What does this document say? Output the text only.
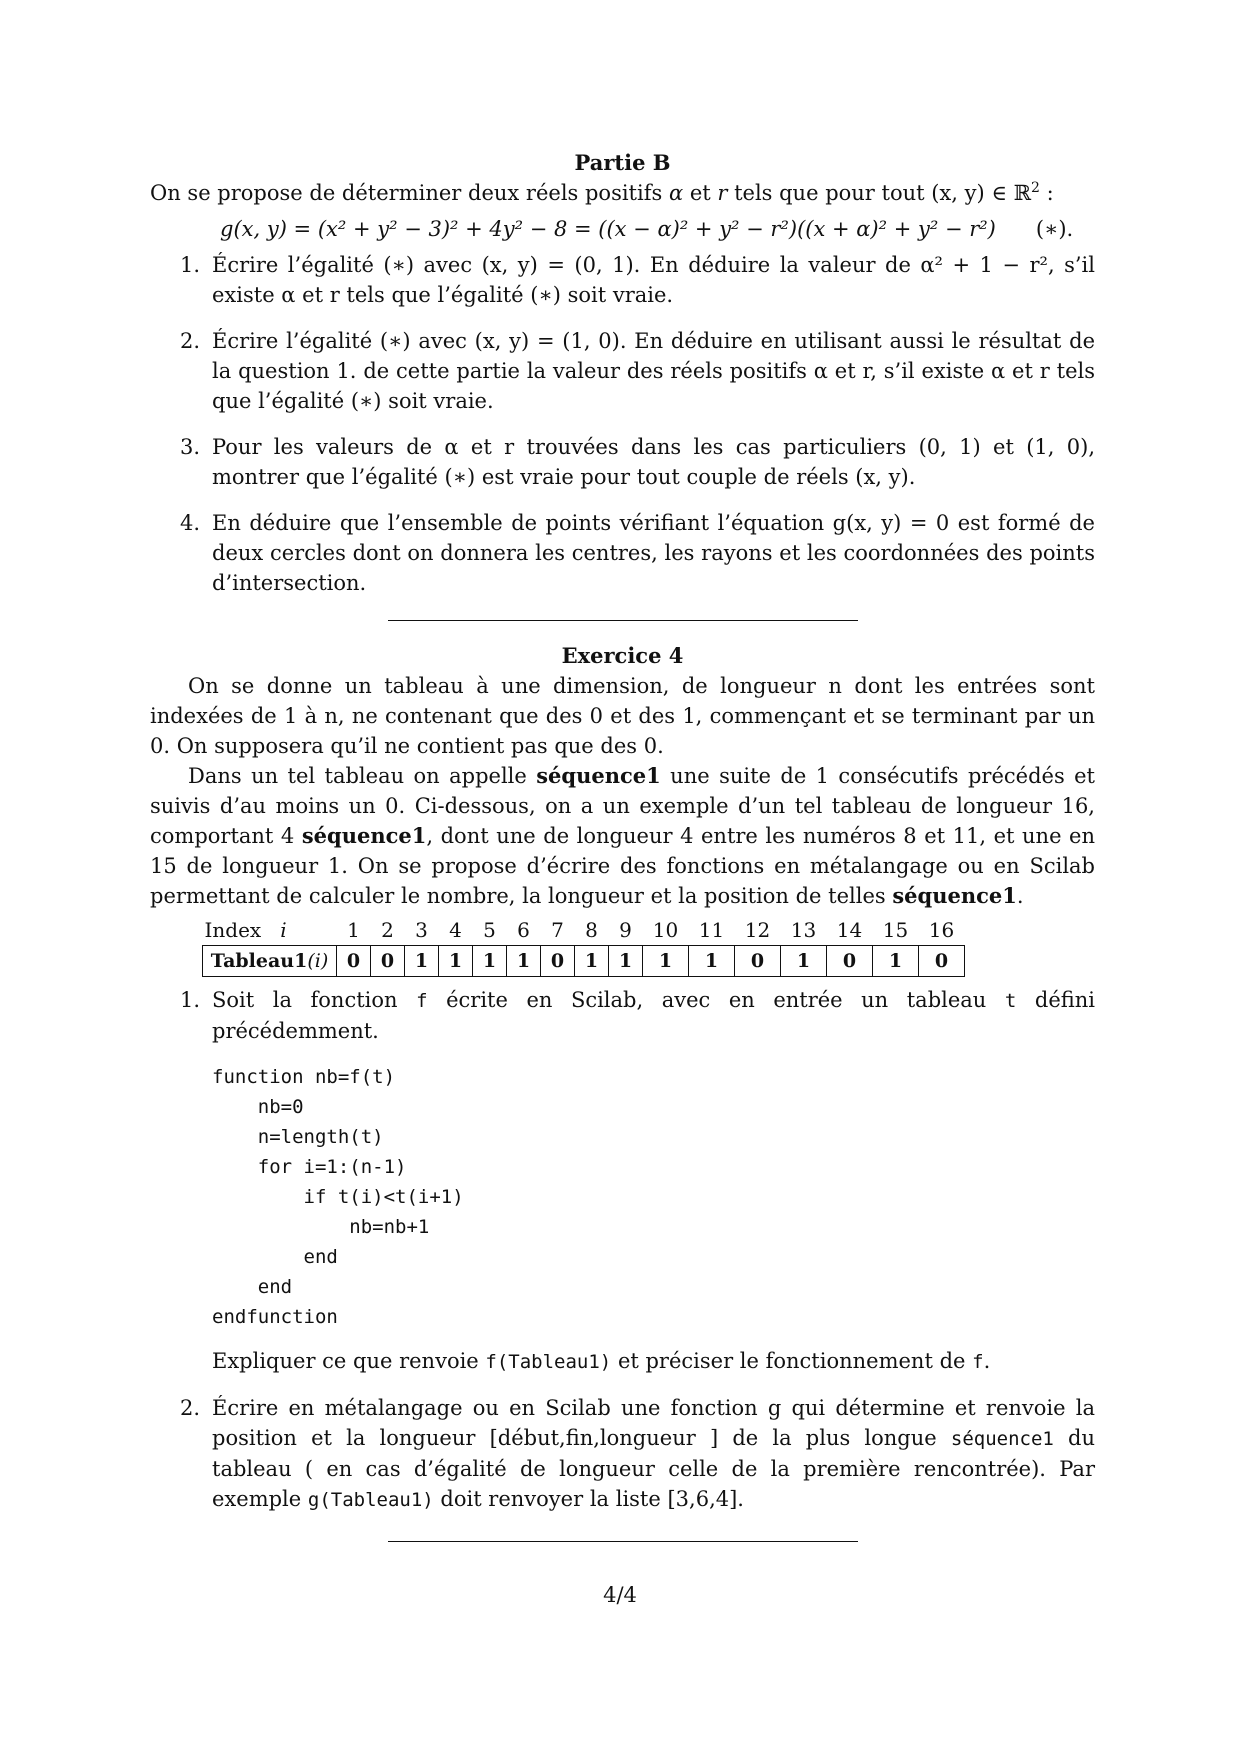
Partie B

On se propose de déterminer deux réels positifs α et r tels que pour tout (x, y) ∈ ℝ$^2$ :

g(x, y) = (x² + y² − 3)² + 4y² − 8 = ((x − α)² + y² − r²)((x + α)² + y² − r²) (∗).
1. Écrire l’égalité (∗) avec (x, y) = (0, 1). En déduire la valeur de α² + 1 − r², s’il existe α et r tels que l’égalité (∗) soit vraie.
2. Écrire l’égalité (∗) avec (x, y) = (1, 0). En déduire en utilisant aussi le résultat de la question 1. de cette partie la valeur des réels positifs α et r, s’il existe α et r tels que l’égalité (∗) soit vraie.
3. Pour les valeurs de α et r trouvées dans les cas particuliers (0, 1) et (1, 0), montrer que l’égalité (∗) est vraie pour tout couple de réels (x, y).
4. En déduire que l’ensemble de points vérifiant l’équation g(x, y) = 0 est formé de deux cercles dont on donnera les centres, les rayons et les coordonnées des points d’intersection.

Exercice 4

On se donne un tableau à une dimension, de longueur n dont les entrées sont indexées de 1 à n, ne contenant que des 0 et des 1, commençant et se terminant par un 0. On supposera qu’il ne contient pas que des 0.

Dans un tel tableau on appelle séquence1 une suite de 1 consécutifs précédés et suivis d’au moins un 0. Ci-dessous, on a un exemple d’un tel tableau de longueur 16, comportant 4 séquence1, dont une de longueur 4 entre les numéros 8 et 11, et une en 15 de longueur 1. On se propose d’écrire des fonctions en métalangage ou en Scilab permettant de calculer le nombre, la longueur et la position de telles séquence1.

Index i	1	2	3	4	5	6	7	8	9	10	11	12	13	14	15	16
Tableau1(i)	0	0	1	1	1	1	0	1	1	1	1	0	1	0	1	0
1. Soit la fonction f écrite en Scilab, avec en entrée un tableau t défini précédemment.
function nb=f(t)
nb=0
n=length(t)
for i=1:(n-1)
if t(i)<t(i+1)
nb=nb+1
end
end
endfunction
Expliquer ce que renvoie f(Tableau1) et préciser le fonctionnement de f.
2. Écrire en métalangage ou en Scilab une fonction g qui détermine et renvoie la position et la longueur [début,fin,longueur ] de la plus longue séquence1 du tableau ( en cas d’égalité de longueur celle de la première rencontrée). Par exemple g(Tableau1) doit renvoyer la liste [3,6,4].
4/4
